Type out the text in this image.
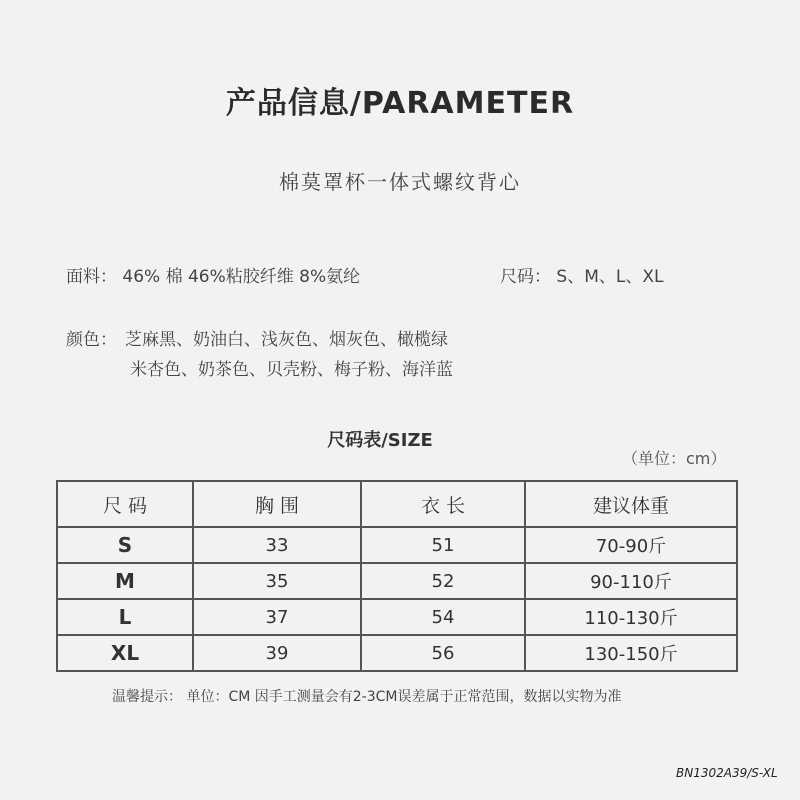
产品信息/PARAMETER
棉莫罩杯一体式螺纹背心
面料： 46% 棉 46%粘胶纤维 8%氨纶	尺码： S、M、L、XL
颜色： 芝麻黑、奶油白、浅灰色、烟灰色、橄榄绿
米杏色、奶茶色、贝壳粉、梅子粉、海洋蓝
尺码表/SIZE
（单位：cm）
尺 码	胸 围	衣 长	建议体重
S	33	51	70-90斤
M	35	52	90-110斤
L	37	54	110-130斤
XL	39	56	130-150斤
温馨提示： 单位：CM 因手工测量会有2-3CM误差属于正常范围，数据以实物为准
BN1302A39/S-XL
